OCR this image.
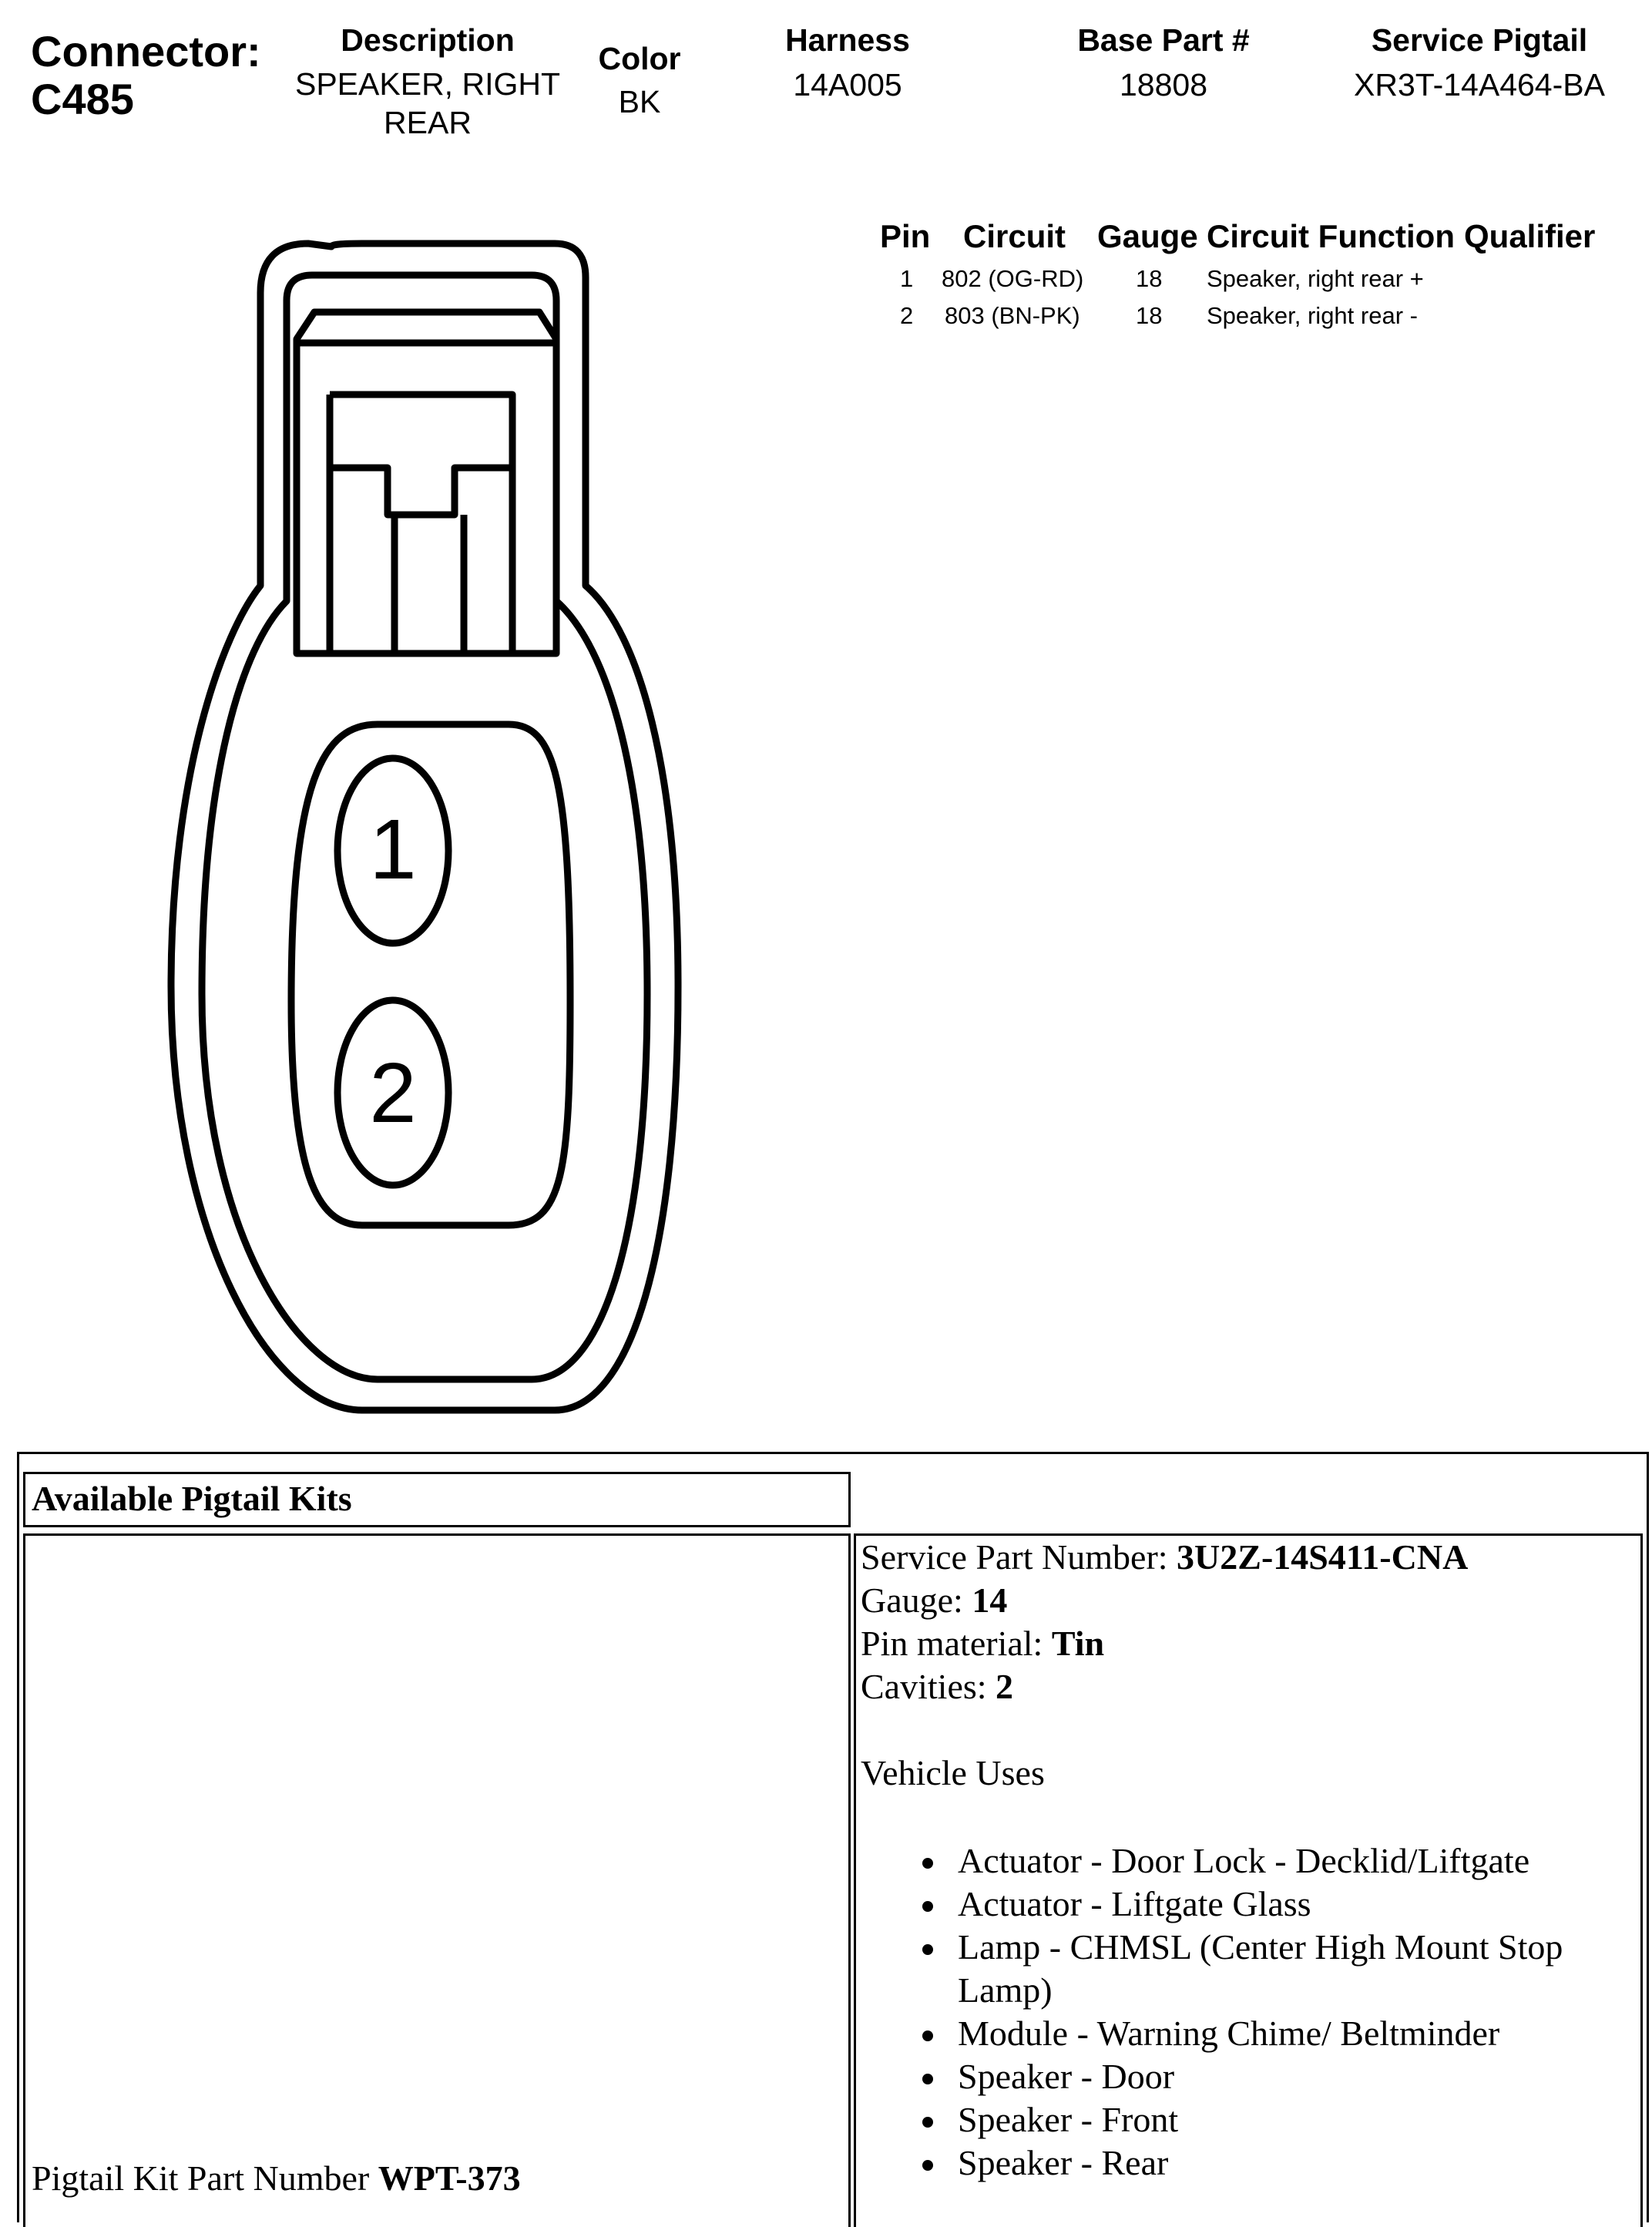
Connector:
C485
Description
SPEAKER, RIGHT
REAR
Color
BK
Harness
14A005
Base Part #
18808
Service Pigtail
XR3T-14A464-BA
Pin Circuit Gauge Circuit Function Qualifier
1 802 (OG-RD) 18 Speaker, right rear +
2 803 (BN-PK) 18 Speaker, right rear -
1
2
Available Pigtail Kits
Pigtail Kit Part Number WPT-373
Service Part Number: 3U2Z-14S411-CNA
Gauge: 14
Pin material: Tin
Cavities: 2
Vehicle Uses
Actuator - Door Lock - Decklid/Liftgate
Actuator - Liftgate Glass
Lamp - CHMSL (Center High Mount Stop Lamp)
Module - Warning Chime/ Beltminder
Speaker - Door
Speaker - Front
Speaker - Rear
